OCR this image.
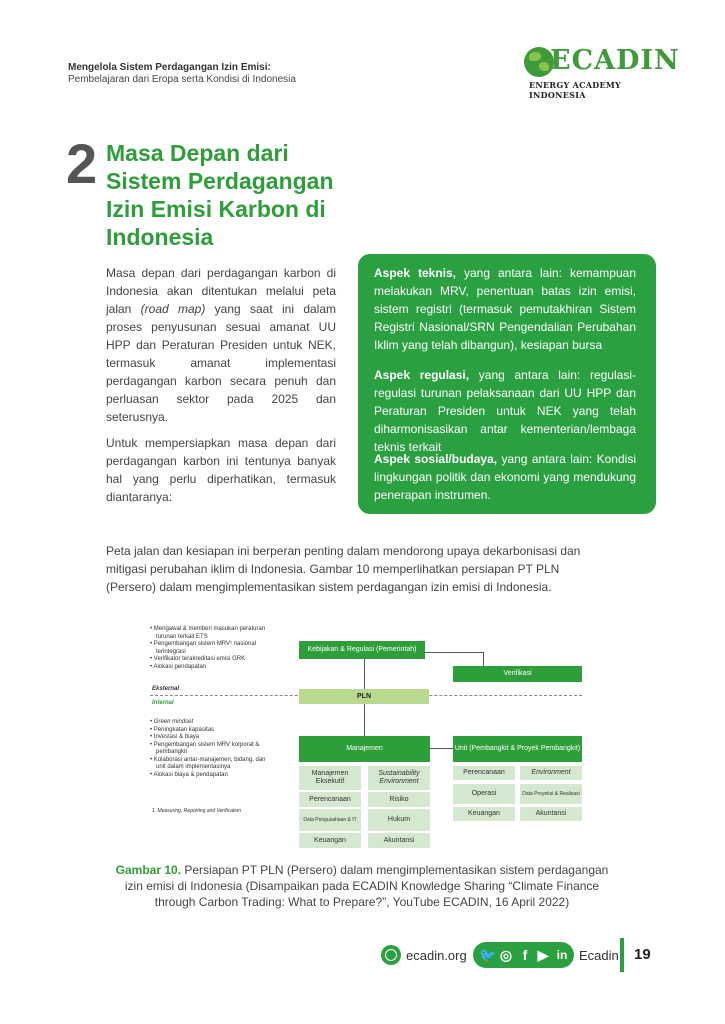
Mengelola Sistem Perdagangan Izin Emisi:
Pembelajaran dari Eropa serta Kondisi di Indonesia
ECADIN
ENERGY ACADEMY INDONESIA
2 Masa Depan dari Sistem Perdagangan Izin Emisi Karbon di Indonesia
Masa depan dari perdagangan karbon di Indonesia akan ditentukan melalui peta jalan (road map) yang saat ini dalam proses penyusunan sesuai amanat UU HPP dan Peraturan Presiden untuk NEK, termasuk amanat implementasi perdagangan karbon secara penuh dan perluasan sektor pada 2025 dan seterusnya.
Untuk mempersiapkan masa depan dari perdagangan karbon ini tentunya banyak hal yang perlu diperhatikan, termasuk diantaranya:
Aspek teknis, yang antara lain: kemampuan melakukan MRV, penentuan batas izin emisi, sistem registri (termasuk pemutakhiran Sistem Registri Nasional/SRN Pengendalian Perubahan Iklim yang telah dibangun), kesiapan bursa
Aspek regulasi, yang antara lain: regulasi-regulasi turunan pelaksanaan dari UU HPP dan Peraturan Presiden untuk NEK yang telah diharmonisasikan antar kementerian/lembaga teknis terkait
Aspek sosial/budaya, yang antara lain: Kondisi lingkungan politik dan ekonomi yang mendukung penerapan instrumen.
Peta jalan dan kesiapan ini berperan penting dalam mendorong upaya dekarbonisasi dan mitigasi perubahan iklim di Indonesia. Gambar 10 memperlihatkan persiapan PT PLN (Persero) dalam mengimplementasikan sistem perdagangan izin emisi di Indonesia.
• Mengawal & memberi masukan peraturan turunan terkait ETS
• Pengembangan sistem MRV¹ nasional terintegrasi
• Verifikator terakreditasi emisi GRK
• Alokasi pendapatan
Eksternal
Internal
• Green mindset
• Peningkatan kapasitas
• Investasi & biaya
• Pengembangan sistem MRV korporat & pembangkit
• Kolaborasi antar-manajemen, bidang, dan unit dalam implementasinya
• Alokasi biaya & pendapatan
1. Measuring, Reporting and Verification
Kebijakan & Regulasi (Pemerintah)
Verifikasi
PLN
Manajemen	Unit (Pembangkit & Proyek Pembangkit)
Manajemen Eksekutif
Perencanaan
Data Pengusahaan & IT
Keuangan
Sustainability Environment
Risiko
Hukum
Akuntansi
Perencanaan
Operasi
Keuangan
Environment
Data Proyeksi & Realisasi
Akuntansi
Gambar 10. Persiapan PT PLN (Persero) dalam mengimplementasikan sistem perdagangan izin emisi di Indonesia (Disampaikan pada ECADIN Knowledge Sharing “Climate Finance through Carbon Trading: What to Prepare?”, YouTube ECADIN, 16 April 2022)
ecadin.org 🐦 ◎ f ▶ in Ecadin 19
